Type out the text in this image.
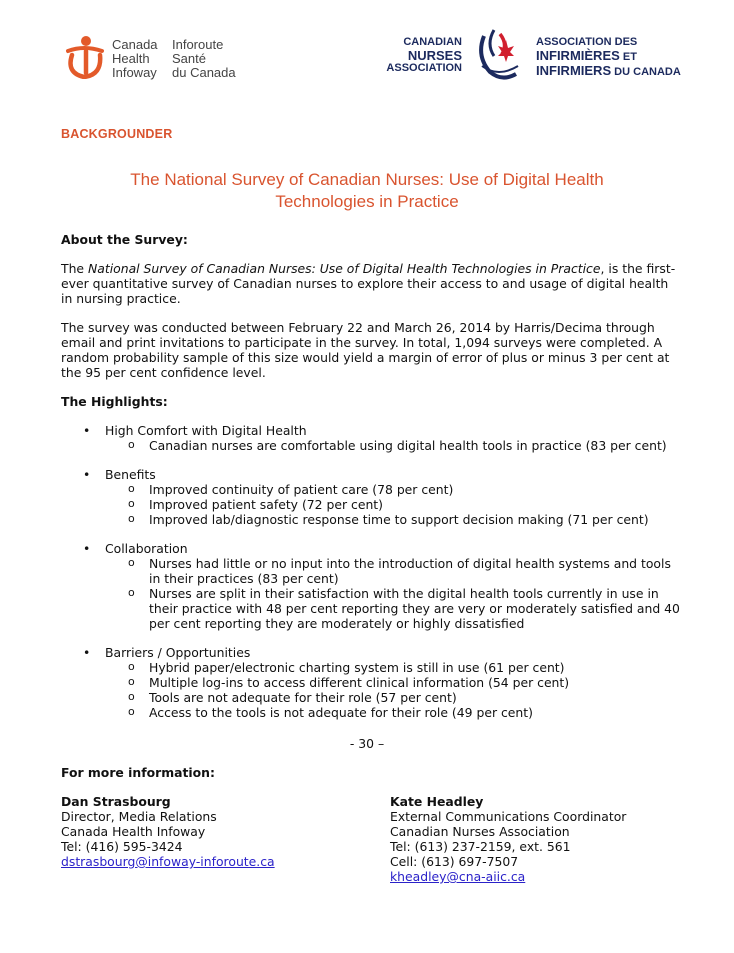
Canada
Health
Infoway
Inforoute
Santé
du Canada
CANADIAN
NURSES
ASSOCIATION
ASSOCIATION DES
INFIRMIÈRES ET
INFIRMIERS DU CANADA
BACKGROUNDER
The National Survey of Canadian Nurses: Use of Digital Health
Technologies in Practice
About the Survey:
The National Survey of Canadian Nurses: Use of Digital Health Technologies in Practice, is the first-ever quantitative survey of Canadian nurses to explore their access to and usage of digital health in nursing practice.
The survey was conducted between February 22 and March 26, 2014 by Harris/Decima through email and print invitations to participate in the survey. In total, 1,094 surveys were completed. A random probability sample of this size would yield a margin of error of plus or minus 3 per cent at the 95 per cent confidence level.
The Highlights:
• High Comfort with Digital Health
o Canadian nurses are comfortable using digital health tools in practice (83 per cent)
• Benefits
o Improved continuity of patient care (78 per cent)
o Improved patient safety (72 per cent)
o Improved lab/diagnostic response time to support decision making (71 per cent)
• Collaboration
o Nurses had little or no input into the introduction of digital health systems and tools in their practices (83 per cent)
o Nurses are split in their satisfaction with the digital health tools currently in use in their practice with 48 per cent reporting they are very or moderately satisfied and 40 per cent reporting they are moderately or highly dissatisfied
• Barriers / Opportunities
o Hybrid paper/electronic charting system is still in use (61 per cent)
o Multiple log-ins to access different clinical information (54 per cent)
o Tools are not adequate for their role (57 per cent)
o Access to the tools is not adequate for their role (49 per cent)
- 30 –
For more information:
Dan Strasbourg
Director, Media Relations
Canada Health Infoway
Tel: (416) 595-3424
dstrasbourg@infoway-inforoute.ca
Kate Headley
External Communications Coordinator
Canadian Nurses Association
Tel: (613) 237-2159, ext. 561
Cell: (613) 697-7507
kheadley@cna-aiic.ca
